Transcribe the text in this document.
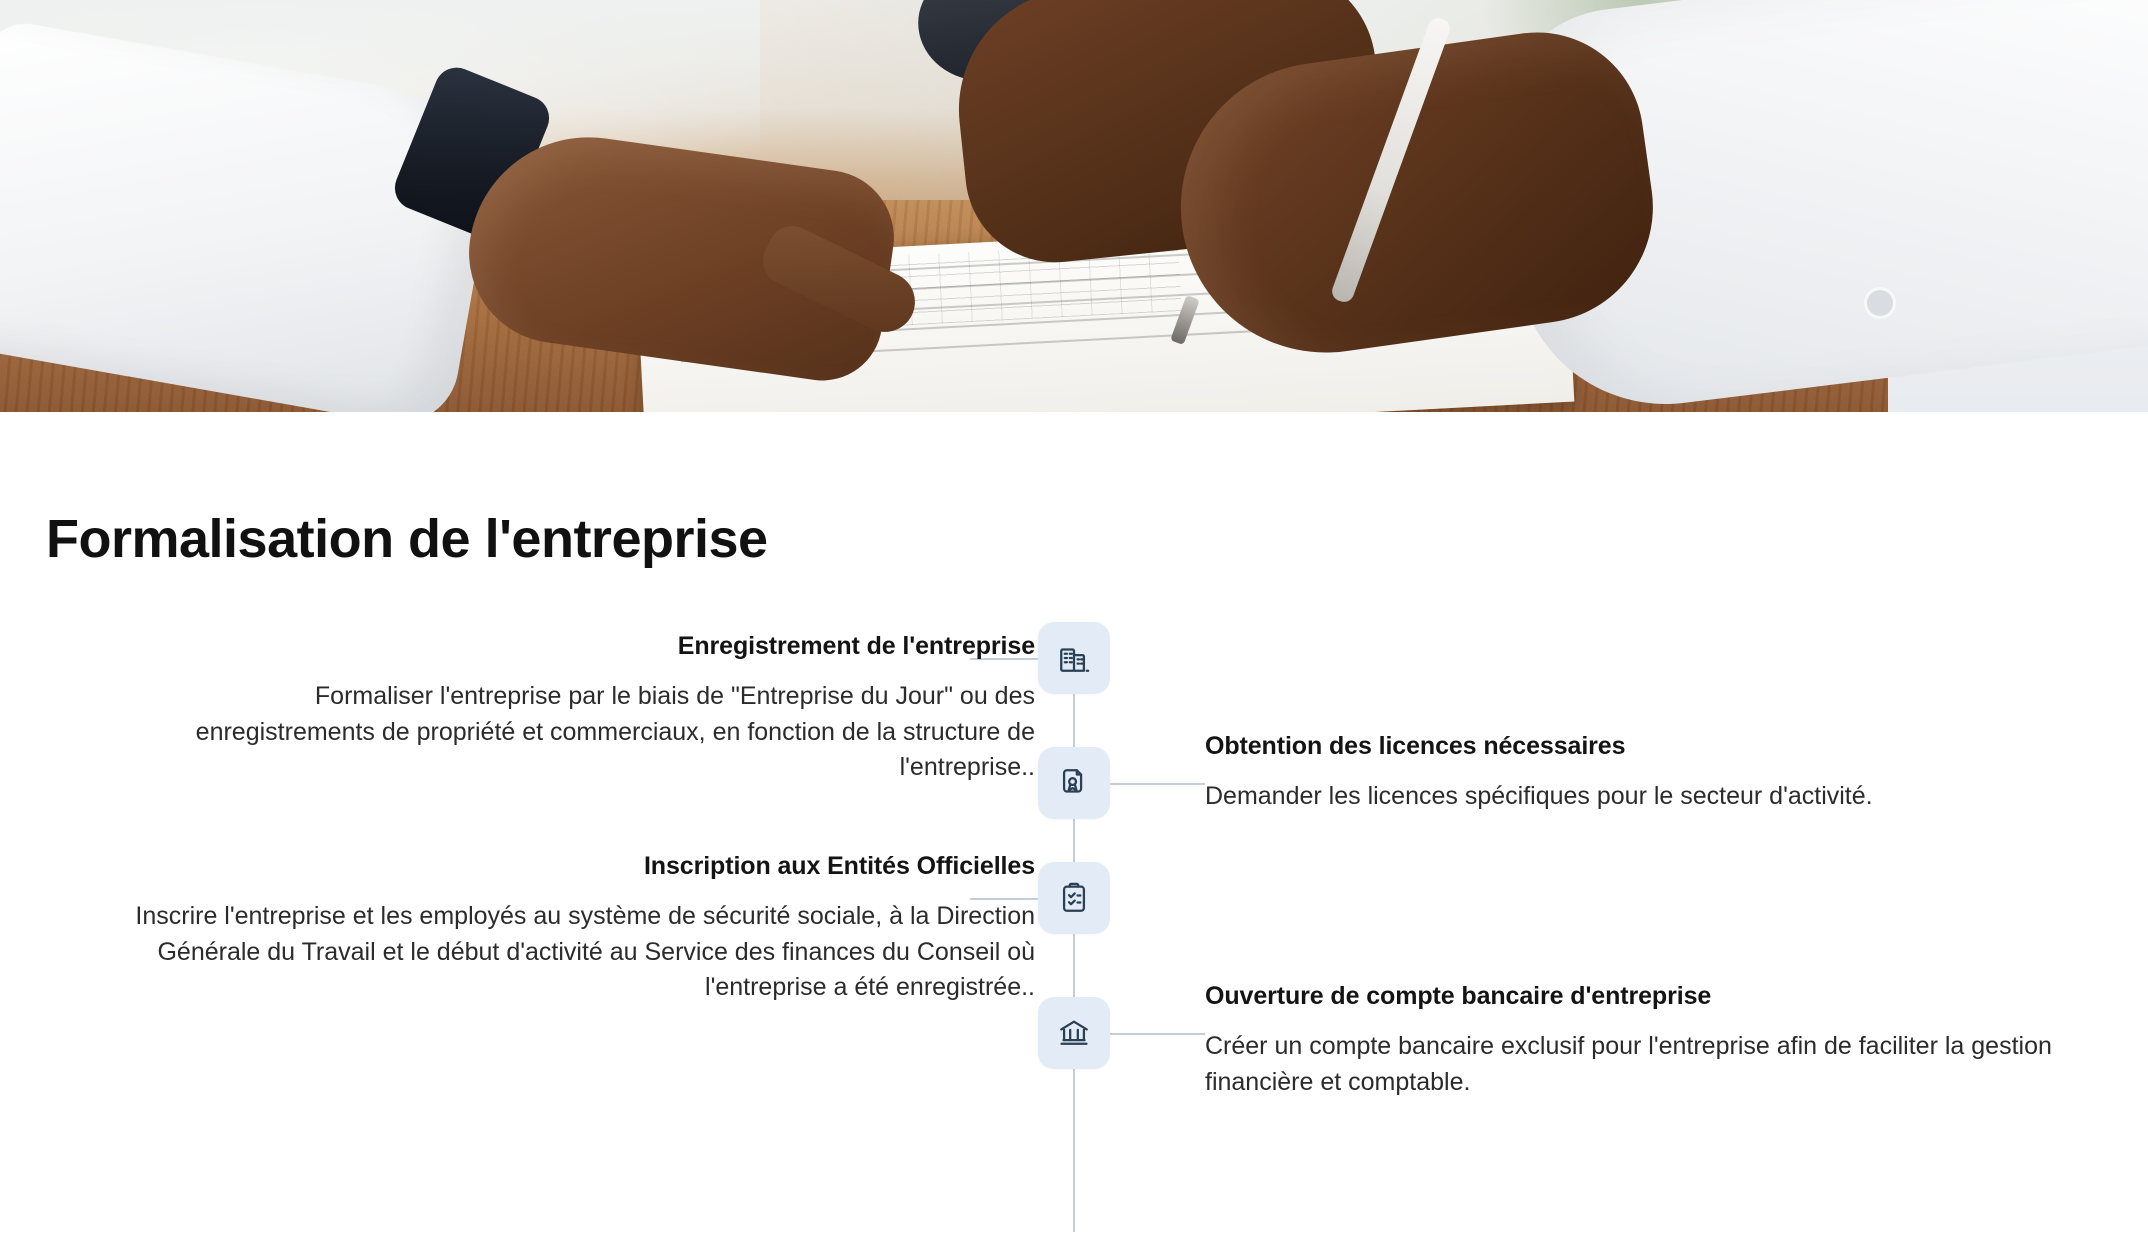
Formalisation de l'entreprise
Enregistrement de l'entreprise

Formaliser l'entreprise par le biais de "Entreprise du Jour" ou des enregistrements de propriété et commerciaux, en fonction de la structure de l'entreprise..

Obtention des licences nécessaires

Demander les licences spécifiques pour le secteur d'activité.

Inscription aux Entités Officielles

Inscrire l'entreprise et les employés au système de sécurité sociale, à la Direction Générale du Travail et le début d'activité au Service des finances du Conseil où l'entreprise a été enregistrée..	Ouverture de compte bancaire d'entreprise

Créer un compte bancaire exclusif pour l'entreprise afin de faciliter la gestion financière et comptable.
